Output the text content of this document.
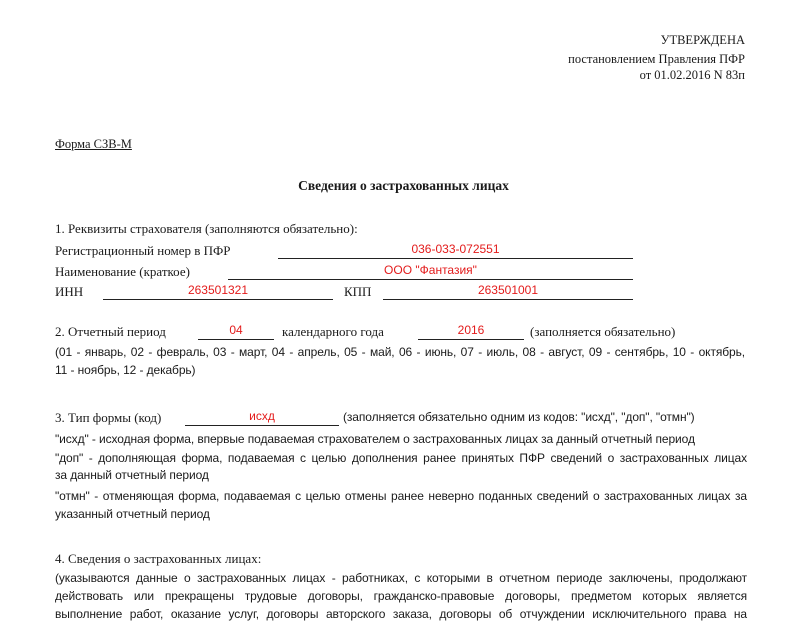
УТВЕРЖДЕНА
постановлением Правления ПФР
от 01.02.2016 N 83п
Форма СЗВ-М
Сведения о застрахованных лицах
1. Реквизиты страхователя (заполняются обязательно):
Регистрационный номер в ПФР	036-033-072551
Наименование (краткое)	ООО "Фантазия"
ИНН	263501321	КПП	263501001
2. Отчетный период	04	календарного года	2016	(заполняется обязательно)
(01 - январь, 02 - февраль, 03 - март, 04 - апрель, 05 - май, 06 - июнь, 07 - июль, 08 - август, 09 - сентябрь, 10 - октябрь,
11 - ноябрь, 12 - декабрь)
3. Тип формы (код)	исхд	(заполняется обязательно одним из кодов: "исхд", "доп", "отмн")
"исхд" - исходная форма, впервые подаваемая страхователем о застрахованных лицах за данный отчетный период
"доп" - дополняющая форма, подаваемая с целью дополнения ранее принятых ПФР сведений о застрахованных лицах
за данный отчетный период
"отмн" - отменяющая форма, подаваемая с целью отмены ранее неверно поданных сведений о застрахованных лицах за
указанный отчетный период
4. Сведения о застрахованных лицах:
(указываются данные о застрахованных лицах - работниках, с которыми в отчетном периоде заключены, продолжают
действовать или прекращены трудовые договоры, гражданско-правовые договоры, предметом которых является
выполнение работ, оказание услуг, договоры авторского заказа, договоры об отчуждении исключительного права на
